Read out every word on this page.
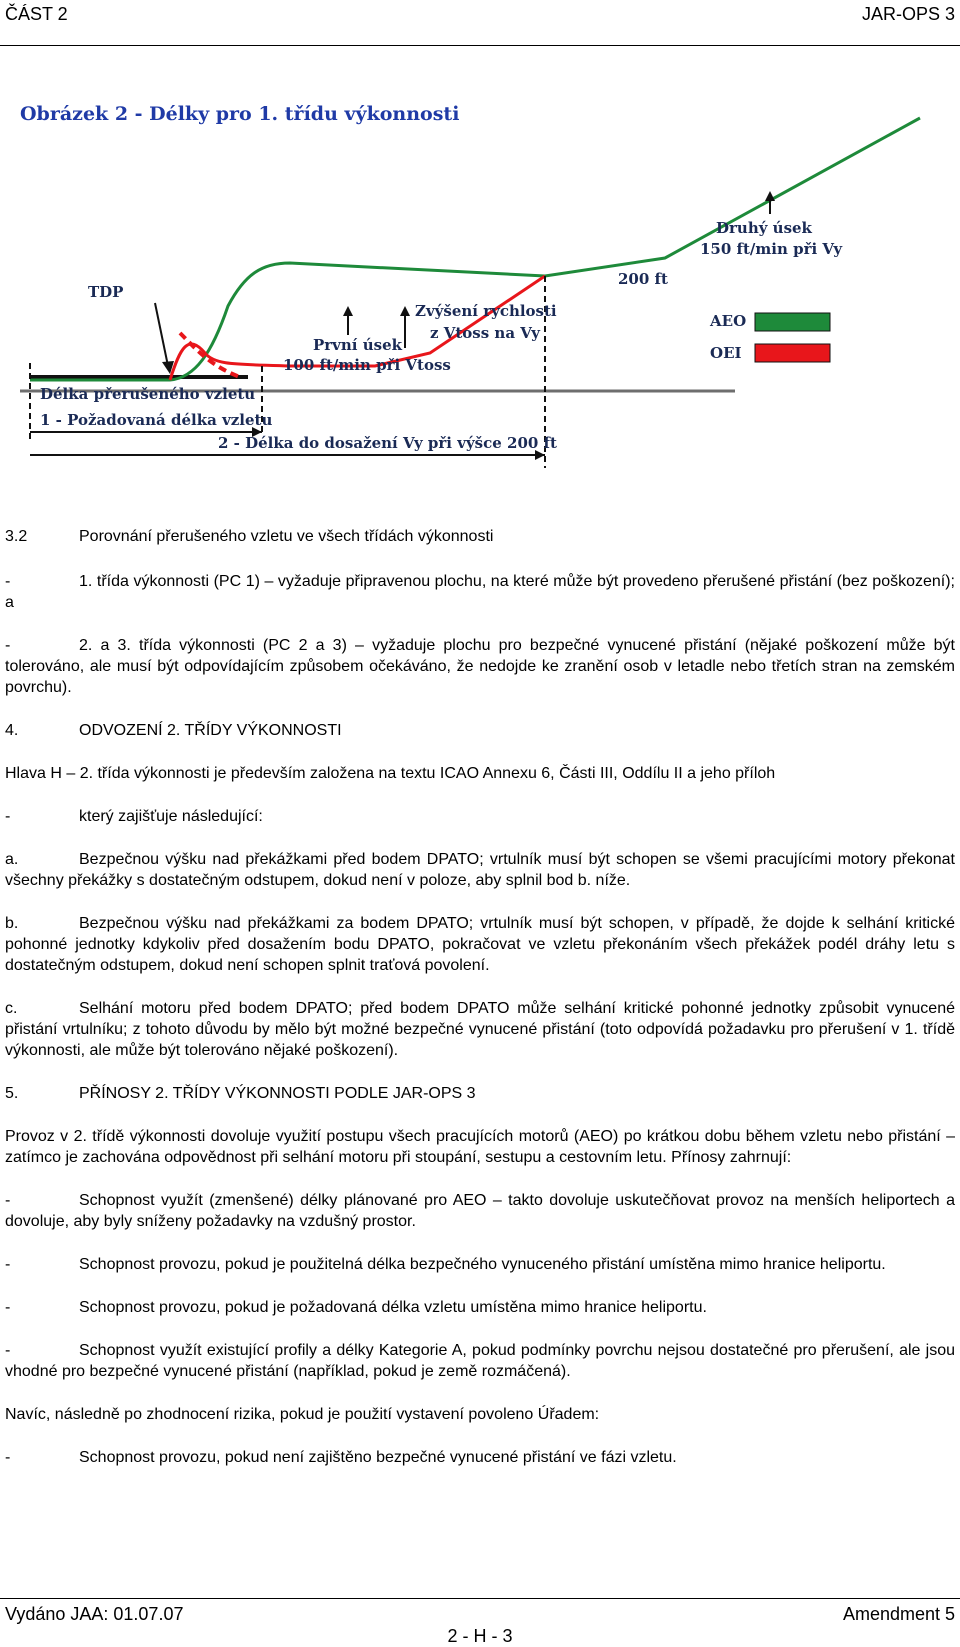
ČÁST 2	JAR-OPS 3
Obrázek 2 - Délky pro 1. třídu výkonnosti
TDP
První úsek
100 ft/min při Vtoss
Zvýšení rychlosti
z Vtoss na Vy
200 ft
Druhý úsek
150 ft/min při Vy
AEO
OEI
Délka přerušeného vzletu
1 - Požadovaná délka vzletu
2 - Délka do dosažení Vy při výšce 200 ft

3.2	Porovnání přerušeného vzletu ve všech třídách výkonnosti

-	1. třída výkonnosti (PC 1) – vyžaduje připravenou plochu, na které může být provedeno přerušené přistání (bez poškození); a

-	2. a 3. třída výkonnosti (PC 2 a 3) – vyžaduje plochu pro bezpečné vynucené přistání (nějaké poškození může být tolerováno, ale musí být odpovídajícím způsobem očekáváno, že nedojde ke zranění osob v letadle nebo třetích stran na zemském povrchu).

4.	ODVOZENÍ 2. TŘÍDY VÝKONNOSTI

Hlava H – 2. třída výkonnosti je především založena na textu ICAO Annexu 6, Části III, Oddílu II a jeho příloh

-	který zajišťuje následující:

a.	Bezpečnou výšku nad překážkami před bodem DPATO; vrtulník musí být schopen se všemi pracujícími motory překonat všechny překážky s dostatečným odstupem, dokud není v poloze, aby splnil bod b. níže.

b.	Bezpečnou výšku nad překážkami za bodem DPATO; vrtulník musí být schopen, v případě, že dojde k selhání kritické pohonné jednotky kdykoliv před dosažením bodu DPATO, pokračovat ve vzletu překonáním všech překážek podél dráhy letu s dostatečným odstupem, dokud není schopen splnit traťová povolení.

c.	Selhání motoru před bodem DPATO; před bodem DPATO může selhání kritické pohonné jednotky způsobit vynucené přistání vrtulníku; z tohoto důvodu by mělo být možné bezpečné vynucené přistání (toto odpovídá požadavku pro přerušení v 1. třídě výkonnosti, ale může být tolerováno nějaké poškození).

5.	PŘÍNOSY 2. TŘÍDY VÝKONNOSTI PODLE JAR-OPS 3

Provoz v 2. třídě výkonnosti dovoluje využití postupu všech pracujících motorů (AEO) po krátkou dobu během vzletu nebo přistání – zatímco je zachována odpovědnost při selhání motoru při stoupání, sestupu a cestovním letu. Přínosy zahrnují:

-	Schopnost využít (zmenšené) délky plánované pro AEO – takto dovoluje uskutečňovat provoz na menších heliportech a dovoluje, aby byly sníženy požadavky na vzdušný prostor.

-	Schopnost provozu, pokud je použitelná délka bezpečného vynuceného přistání umístěna mimo hranice heliportu.

-	Schopnost provozu, pokud je požadovaná délka vzletu umístěna mimo hranice heliportu.

-	Schopnost využít existující profily a délky Kategorie A, pokud podmínky povrchu nejsou dostatečné pro přerušení, ale jsou vhodné pro bezpečné vynucené přistání (například, pokud je země rozmáčená).

Navíc, následně po zhodnocení rizika, pokud je použití vystavení povoleno Úřadem:

-	Schopnost provozu, pokud není zajištěno bezpečné vynucené přistání ve fázi vzletu.

Vydáno JAA: 01.07.07	Amendment 5
2 - H - 3
